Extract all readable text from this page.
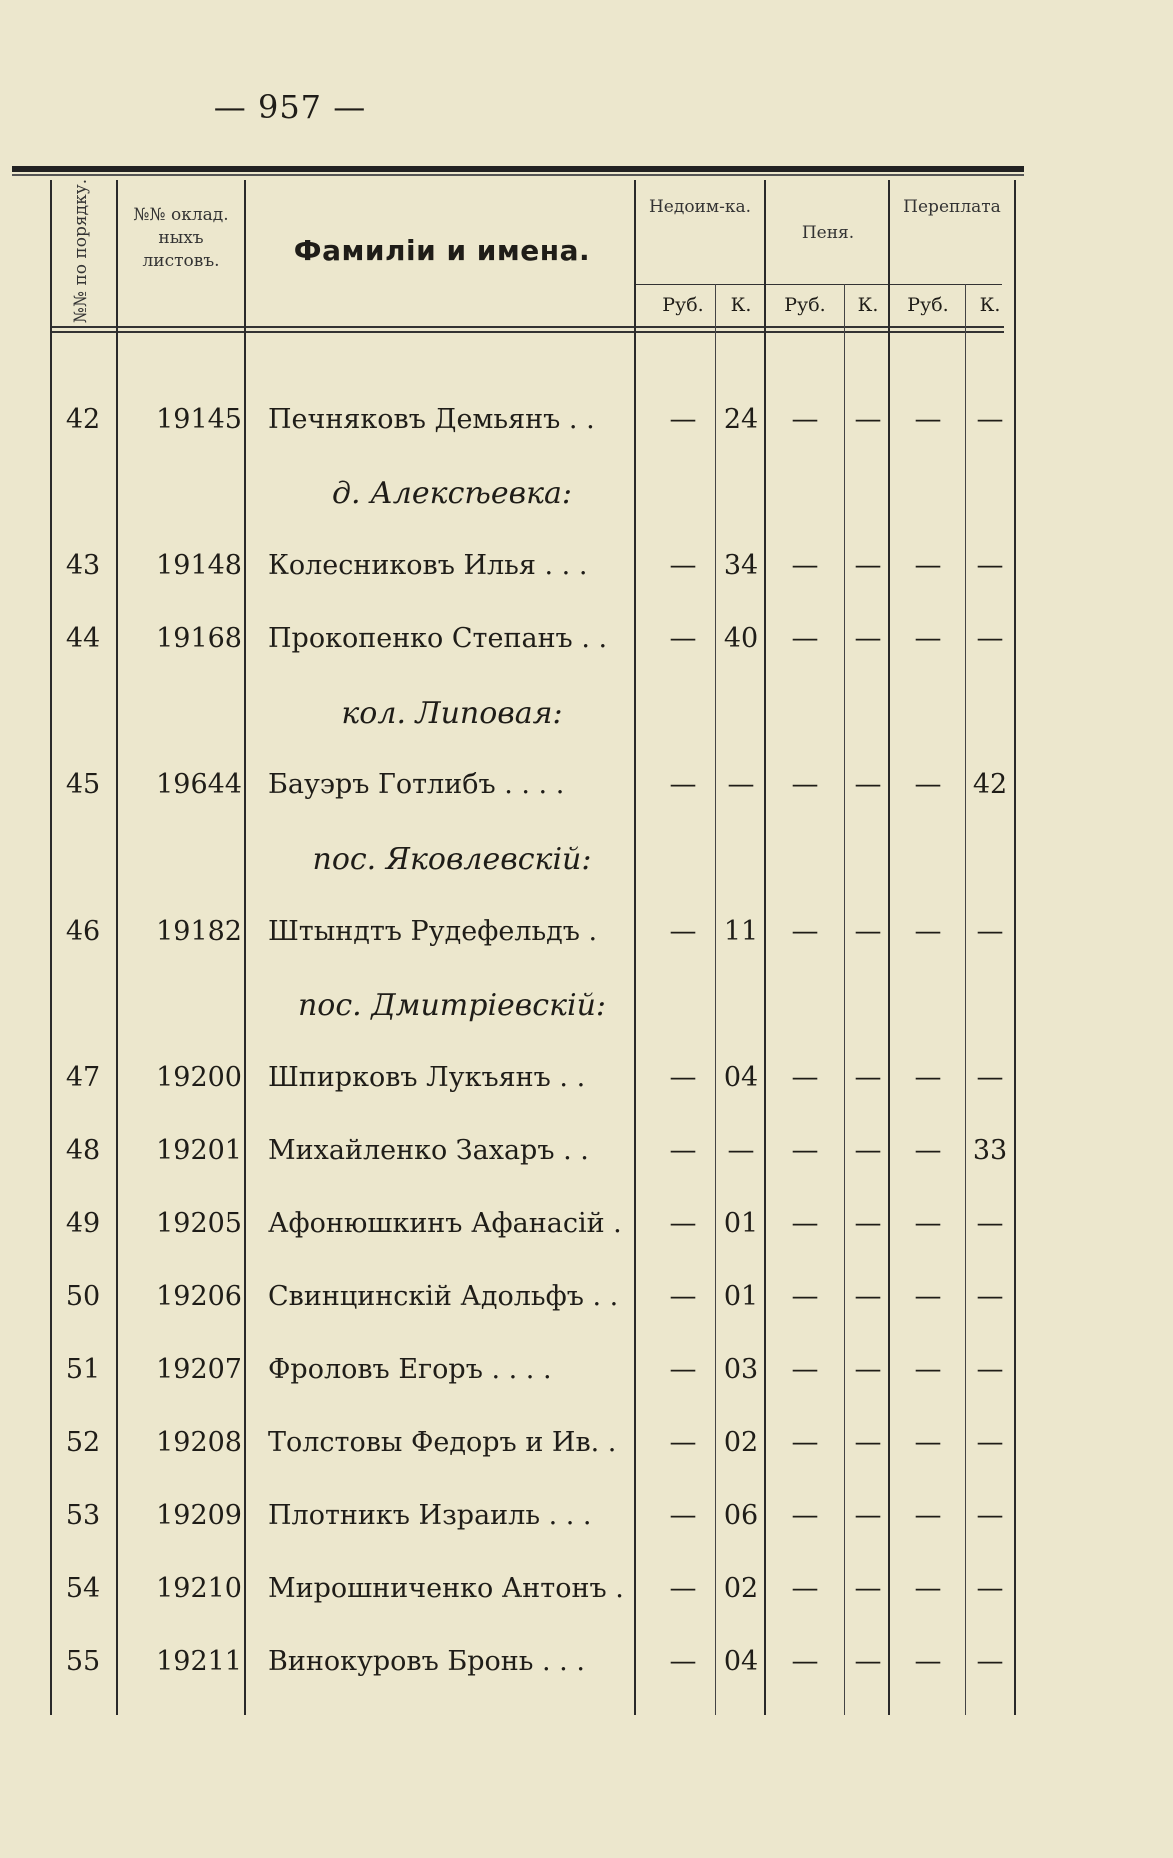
— 957 —
№№ по порядку.	№№ оклад. ныхъ листовъ.	Фамиліи и имена.
Недоим-ка.
Пеня.
Переплата
Руб.	К.	Руб.	К.	Руб.	К.
42	19145 Печняковъ Демьянъ . .	—	24	—	—	—	—
д. Алексѣевка:
43	19148 Колесниковъ Илья . . .	—	34	—	—	—	—
44	19168 Прокопенко Степанъ . .	—	40	—	—	—	—
кол. Липовая:
45	19644 Бауэръ Готлибъ . . . .	—	—	—	—	—	42
пос. Яковлевскій:
46	19182 Штындтъ Рудефельдъ .	—	11	—	—	—	—
пос. Дмитріевскій:
47	19200 Шпирковъ Лукъянъ . .	—	04	—	—	—	—
48	19201 Михайленко Захаръ . .	—	—	—	—	—	33
49	19205 Афонюшкинъ Афанасій .	—	01	—	—	—	—
50	19206 Свинцинскій Адольфъ . .	—	01	—	—	—	—
51	19207 Фроловъ Егоръ . . . .	—	03	—	—	—	—
52	19208 Толстовы Федоръ и Ив. .	—	02	—	—	—	—
53	19209 Плотникъ Израиль . . .	—	06	—	—	—	—
54	19210 Мирошниченко Антонъ .	—	02	—	—	—	—
55	19211 Винокуровъ Бронь . . .	—	04	—	—	—	—
